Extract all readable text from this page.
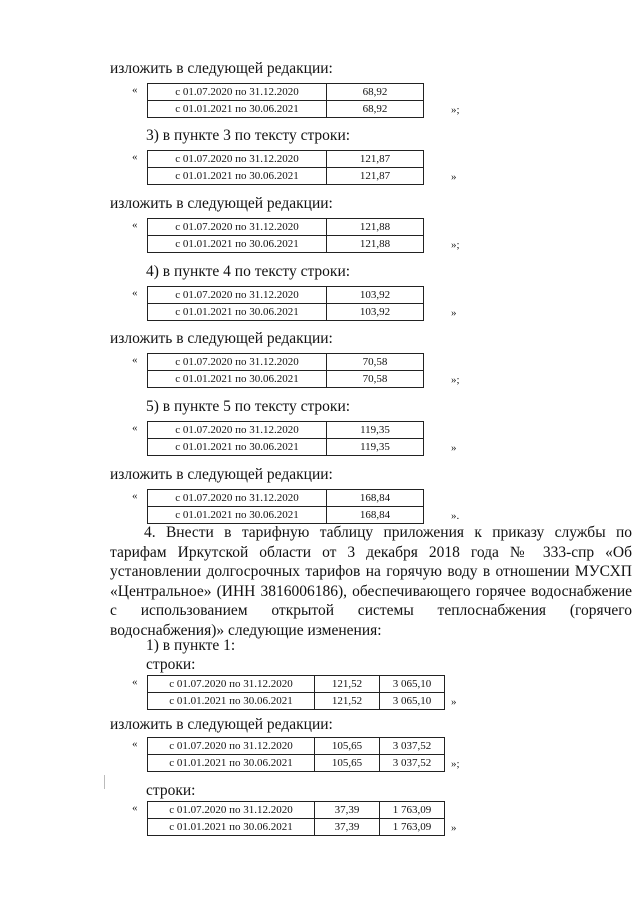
изложить в следующей редакции:
«	с 01.07.2020 по 31.12.2020	68,92
с 01.01.2021 по 30.06.2021	68,92	»;
3) в пункте 3 по тексту строки:
«	с 01.07.2020 по 31.12.2020	121,87
с 01.01.2021 по 30.06.2021	121,87	»
изложить в следующей редакции:
«	с 01.07.2020 по 31.12.2020	121,88
с 01.01.2021 по 30.06.2021	121,88	»;
4) в пункте 4 по тексту строки:
«	с 01.07.2020 по 31.12.2020	103,92
с 01.01.2021 по 30.06.2021	103,92	»
изложить в следующей редакции:
«	с 01.07.2020 по 31.12.2020	70,58
с 01.01.2021 по 30.06.2021	70,58	»;
5) в пункте 5 по тексту строки:
«	с 01.07.2020 по 31.12.2020	119,35
с 01.01.2021 по 30.06.2021	119,35	»
изложить в следующей редакции:
«	с 01.07.2020 по 31.12.2020	168,84
с 01.01.2021 по 30.06.2021	168,84	».
строки:
«	с 01.07.2020 по 31.12.2020	121,52	3 065,10
с 01.01.2021 по 30.06.2021	121,52	3 065,10 »
изложить в следующей редакции:
«	с 01.07.2020 по 31.12.2020	105,65	3 037,52
с 01.01.2021 по 30.06.2021	105,65	3 037,52 »;
строки:
«	с 01.07.2020 по 31.12.2020	37,39	1 763,09
с 01.01.2021 по 30.06.2021	37,39	1 763,09 »
4. Внести в тарифную таблицу приложения к приказу службы по тарифам Иркутской области от 3 декабря 2018 года № 333-спр «Об установлении долгосрочных тарифов на горячую воду в отношении МУСХП «Центральное» (ИНН 3816006186), обеспечивающего горячее водоснабжение с использованием открытой системы теплоснабжения (горячего водоснабжения)» следующие изменения:
1) в пункте 1:
